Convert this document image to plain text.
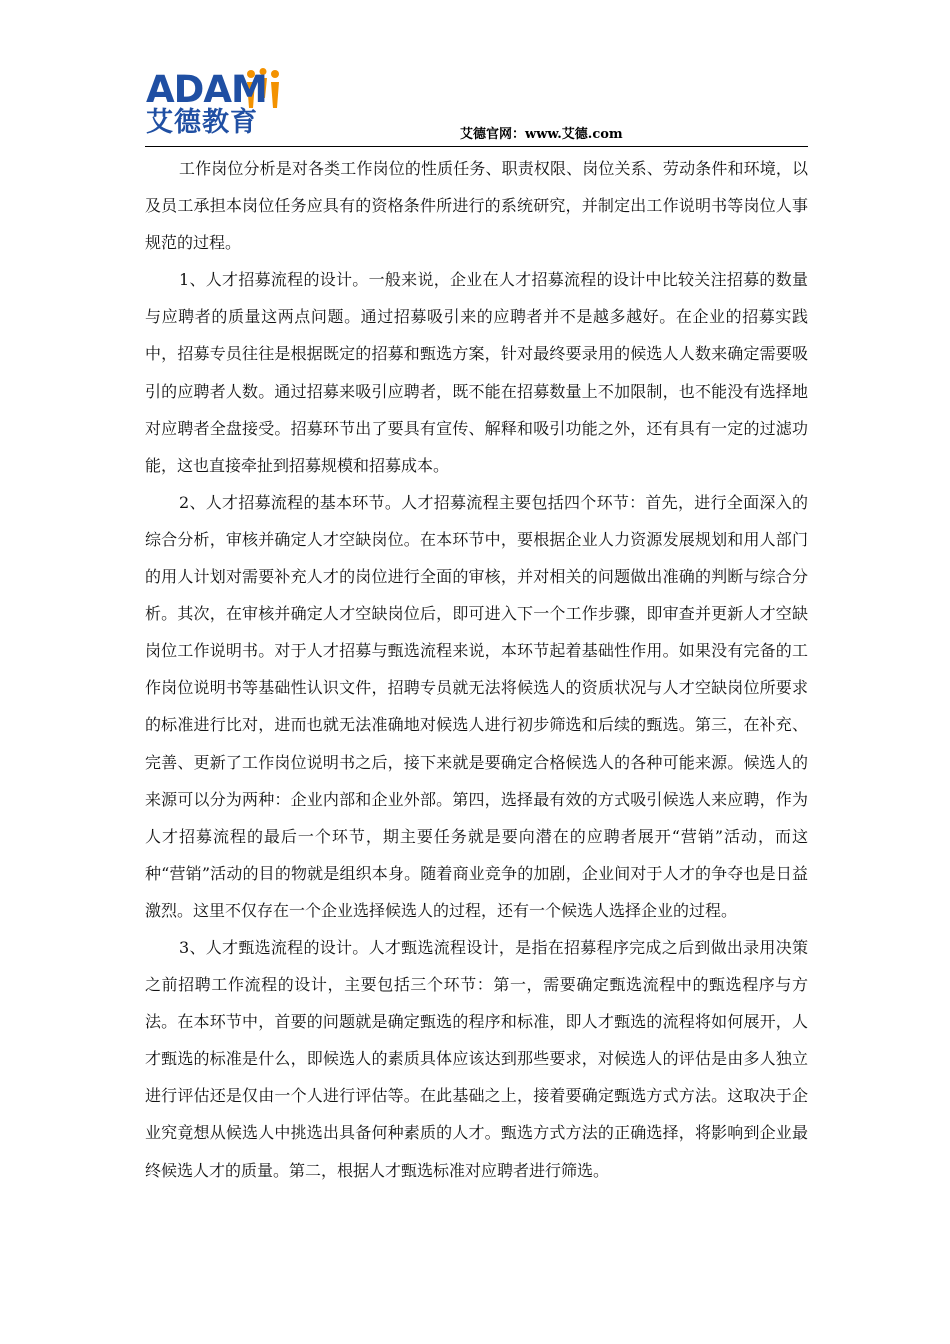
ADAM
艾德教育	艾德官网：www.艾德.com

工作岗位分析是对各类工作岗位的性质任务、职责权限、岗位关系、劳动条件和环境，以及员工承担本岗位任务应具有的资格条件所进行的系统研究，并制定出工作说明书等岗位人事规范的过程。

1、人才招募流程的设计。一般来说，企业在人才招募流程的设计中比较关注招募的数量与应聘者的质量这两点问题。通过招募吸引来的应聘者并不是越多越好。在企业的招募实践中，招募专员往往是根据既定的招募和甄选方案，针对最终要录用的候选人人数来确定需要吸引的应聘者人数。通过招募来吸引应聘者，既不能在招募数量上不加限制，也不能没有选择地对应聘者全盘接受。招募环节出了要具有宣传、解释和吸引功能之外，还有具有一定的过滤功能，这也直接牵扯到招募规模和招募成本。

2、人才招募流程的基本环节。人才招募流程主要包括四个环节：首先，进行全面深入的综合分析，审核并确定人才空缺岗位。在本环节中，要根据企业人力资源发展规划和用人部门的用人计划对需要补充人才的岗位进行全面的审核，并对相关的问题做出准确的判断与综合分析。其次，在审核并确定人才空缺岗位后，即可进入下一个工作步骤，即审查并更新人才空缺岗位工作说明书。对于人才招募与甄选流程来说，本环节起着基础性作用。如果没有完备的工作岗位说明书等基础性认识文件，招聘专员就无法将候选人的资质状况与人才空缺岗位所要求的标准进行比对，进而也就无法准确地对候选人进行初步筛选和后续的甄选。第三，在补充、完善、更新了工作岗位说明书之后，接下来就是要确定合格候选人的各种可能来源。候选人的来源可以分为两种：企业内部和企业外部。第四，选择最有效的方式吸引候选人来应聘，作为人才招募流程的最后一个环节，期主要任务就是要向潜在的应聘者展开“营销”活动，而这种“营销”活动的目的物就是组织本身。随着商业竞争的加剧，企业间对于人才的争夺也是日益激烈。这里不仅存在一个企业选择候选人的过程，还有一个候选人选择企业的过程。

3、人才甄选流程的设计。人才甄选流程设计，是指在招募程序完成之后到做出录用决策之前招聘工作流程的设计，主要包括三个环节：第一，需要确定甄选流程中的甄选程序与方法。在本环节中，首要的问题就是确定甄选的程序和标准，即人才甄选的流程将如何展开，人才甄选的标准是什么，即候选人的素质具体应该达到那些要求，对候选人的评估是由多人独立进行评估还是仅由一个人进行评估等。在此基础之上，接着要确定甄选方式方法。这取决于企业究竟想从候选人中挑选出具备何种素质的人才。甄选方式方法的正确选择，将影响到企业最终候选人才的质量。第二，根据人才甄选标准对应聘者进行筛选。
